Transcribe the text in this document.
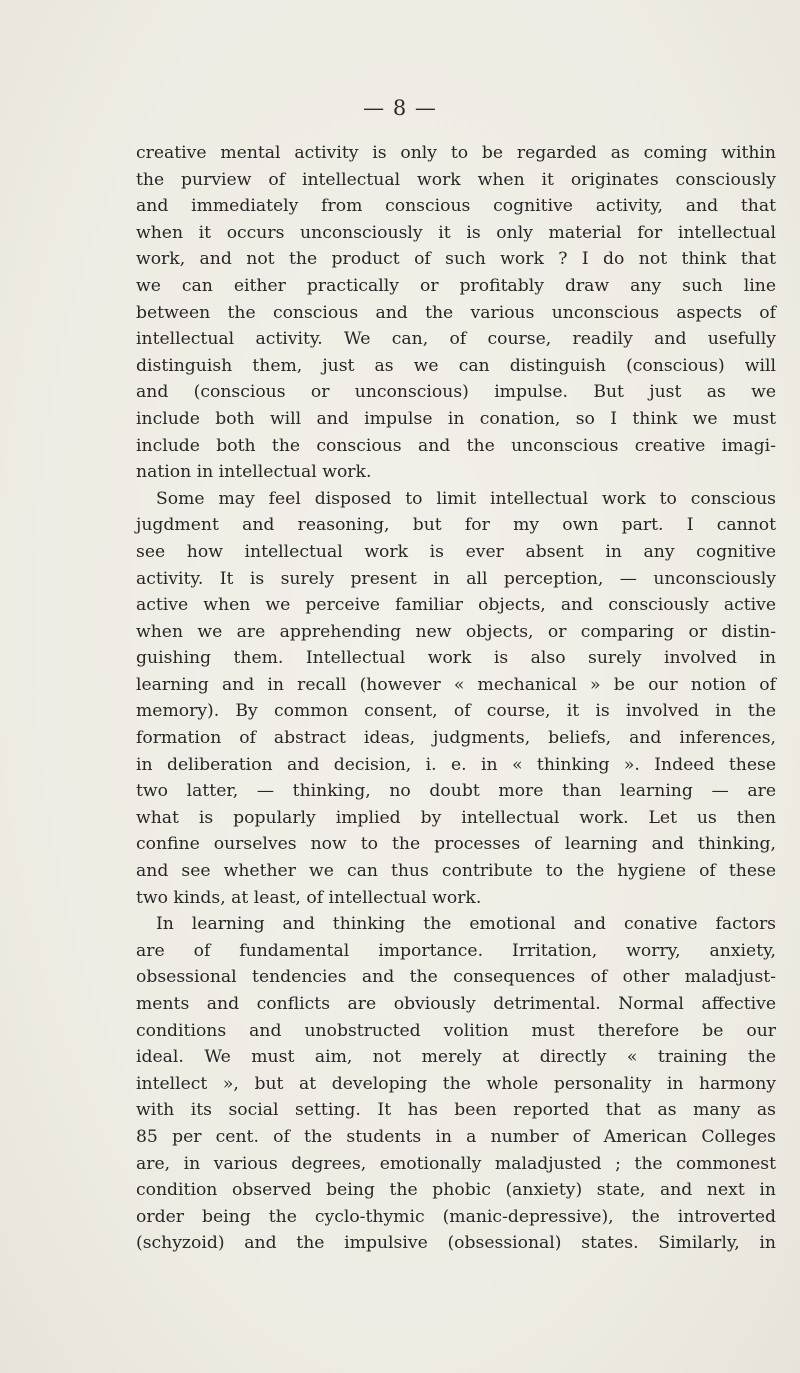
— 8 —
creative mental activity is only to be regarded as coming within
the purview of intellectual work when it originates consciously
and immediately from conscious cognitive activity, and that
when it occurs unconsciously it is only material for intellectual
work, and not the product of such work ? I do not think that
we can either practically or profitably draw any such line
between the conscious and the various unconscious aspects of
intellectual activity. We can, of course, readily and usefully
distinguish them, just as we can distinguish (conscious) will
and (conscious or unconscious) impulse. But just as we
include both will and impulse in conation, so I think we must
include both the conscious and the unconscious creative imagi-
nation in intellectual work.
Some may feel disposed to limit intellectual work to conscious
jugdment and reasoning, but for my own part. I cannot
see how intellectual work is ever absent in any cognitive
activity. It is surely present in all perception, — unconsciously
active when we perceive familiar objects, and consciously active
when we are apprehending new objects, or comparing or distin-
guishing them. Intellectual work is also surely involved in
learning and in recall (however « mechanical » be our notion of
memory). By common consent, of course, it is involved in the
formation of abstract ideas, judgments, beliefs, and inferences,
in deliberation and decision, i. e. in « thinking ». Indeed these
two latter, — thinking, no doubt more than learning — are
what is popularly implied by intellectual work. Let us then
confine ourselves now to the processes of learning and thinking,
and see whether we can thus contribute to the hygiene of these
two kinds, at least, of intellectual work.
In learning and thinking the emotional and conative factors
are of fundamental importance. Irritation, worry, anxiety,
obsessional tendencies and the consequences of other maladjust-
ments and conflicts are obviously detrimental. Normal affective
conditions and unobstructed volition must therefore be our
ideal. We must aim, not merely at directly « training the
intellect », but at developing the whole personality in harmony
with its social setting. It has been reported that as many as
85 per cent. of the students in a number of American Colleges
are, in various degrees, emotionally maladjusted ; the commonest
condition observed being the phobic (anxiety) state, and next in
order being the cyclo-thymic (manic-depressive), the introverted
(schyzoid) and the impulsive (obsessional) states. Similarly, in
